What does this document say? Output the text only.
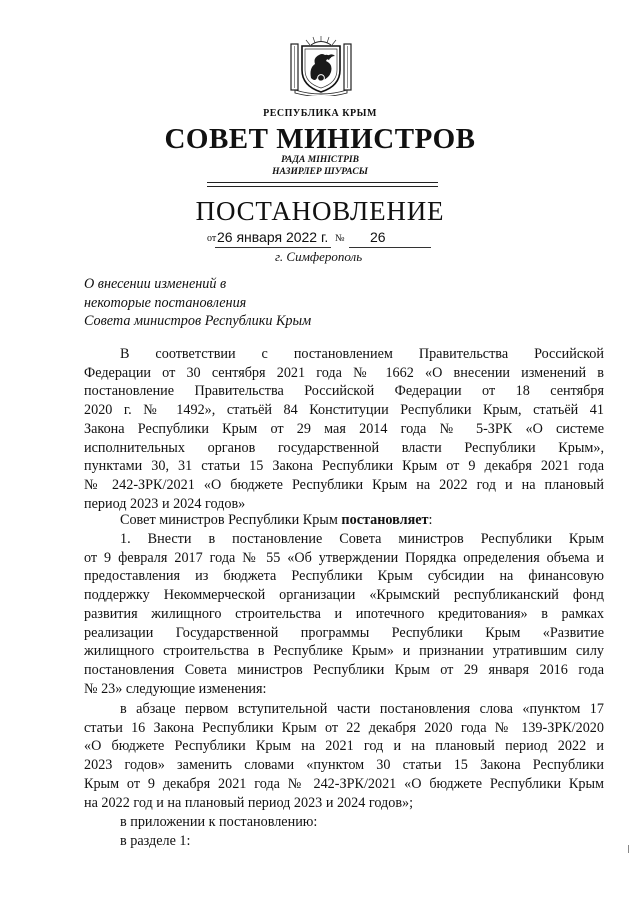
РЕСПУБЛИКА КРЫМ
СОВЕТ МИНИСТРОВ
РАДА МІНІСТРІВ
НАЗИРЛЕР ШУРАСЫ
ПОСТАНОВЛЕНИЕ
от 26 января 2022 г. № 26
г. Симферополь
О внесении изменений в
некоторые постановления
Совета министров Республики Крым
В соответствии с постановлением Правительства Российской
Федерации от 30 сентября 2021 года № 1662 «О внесении изменений в
постановление Правительства Российской Федерации от 18 сентября
2020 г. № 1492», статьёй 84 Конституции Республики Крым, статьёй 41
Закона Республики Крым от 29 мая 2014 года № 5-ЗРК «О системе
исполнительных органов государственной власти Республики Крым»,
пунктами 30, 31 статьи 15 Закона Республики Крым от 9 декабря 2021 года
№ 242-ЗРК/2021 «О бюджете Республики Крым на 2022 год и на плановый
период 2023 и 2024 годов»
Совет министров Республики Крым постановляет:
1. Внести в постановление Совета министров Республики Крым
от 9 февраля 2017 года № 55 «Об утверждении Порядка определения объема и
предоставления из бюджета Республики Крым субсидии на финансовую
поддержку Некоммерческой организации «Крымский республиканский фонд
развития жилищного строительства и ипотечного кредитования» в рамках
реализации Государственной программы Республики Крым «Развитие
жилищного строительства в Республике Крым» и признании утратившим силу
постановления Совета министров Республики Крым от 29 января 2016 года
№ 23» следующие изменения:
в абзаце первом вступительной части постановления слова «пунктом 17
статьи 16 Закона Республики Крым от 22 декабря 2020 года № 139-ЗРК/2020
«О бюджете Республики Крым на 2021 год и на плановый период 2022 и
2023 годов» заменить словами «пунктом 30 статьи 15 Закона Республики
Крым от 9 декабря 2021 года № 242-ЗРК/2021 «О бюджете Республики Крым
на 2022 год и на плановый период 2023 и 2024 годов»;
в приложении к постановлению:
в разделе 1:
